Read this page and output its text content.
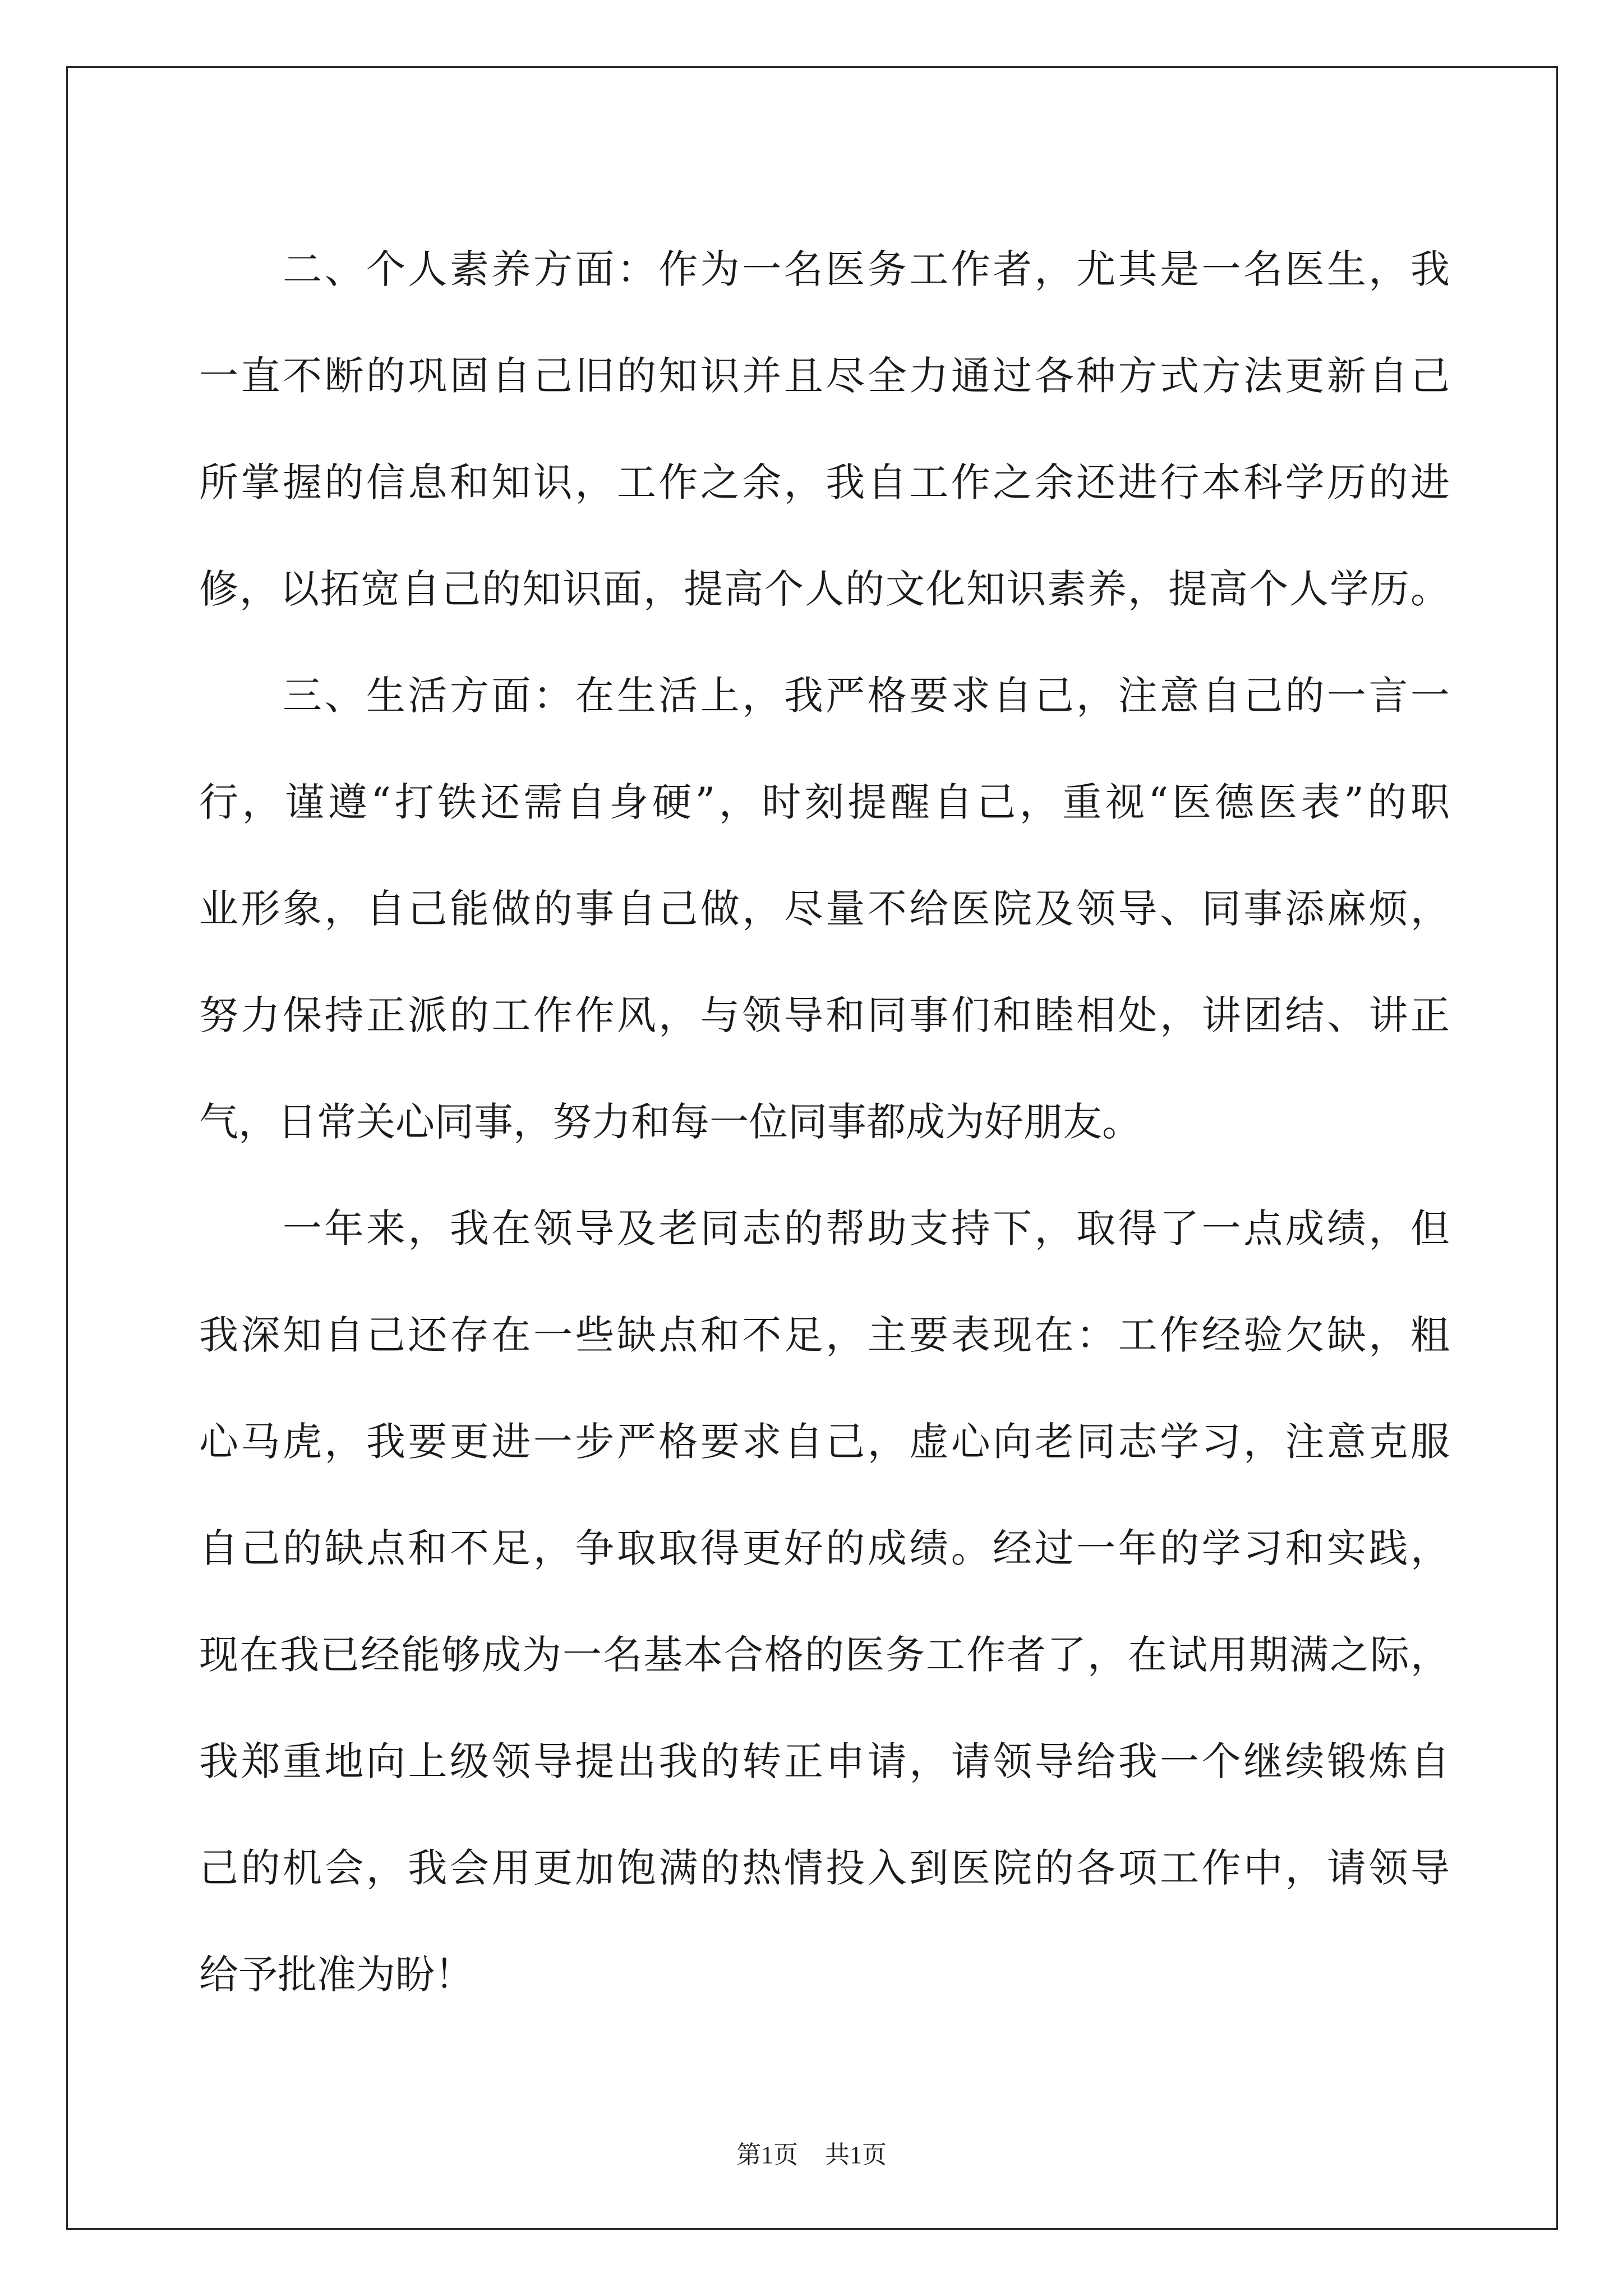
　　二、个人素养方面：作为一名医务工作者，尤其是一名医生，我
一直不断的巩固自己旧的知识并且尽全力通过各种方式方法更新自己
所掌握的信息和知识，工作之余，我自工作之余还进行本科学历的进
修，以拓宽自己的知识面，提高个人的文化知识素养，提高个人学历。
　　三、生活方面：在生活上，我严格要求自己，注意自己的一言一
行，谨遵“打铁还需自身硬”，时刻提醒自己，重视“医德医表”的职
业形象，自己能做的事自己做，尽量不给医院及领导、同事添麻烦，
努力保持正派的工作作风，与领导和同事们和睦相处，讲团结、讲正
气，日常关心同事，努力和每一位同事都成为好朋友。
　　一年来，我在领导及老同志的帮助支持下，取得了一点成绩，但
我深知自己还存在一些缺点和不足，主要表现在：工作经验欠缺，粗
心马虎，我要更进一步严格要求自己，虚心向老同志学习，注意克服
自己的缺点和不足，争取取得更好的成绩。经过一年的学习和实践，
现在我已经能够成为一名基本合格的医务工作者了，在试用期满之际，
我郑重地向上级领导提出我的转正申请，请领导给我一个继续锻炼自
己的机会，我会用更加饱满的热情投入到医院的各项工作中，请领导
给予批准为盼！
第1页 共1页
